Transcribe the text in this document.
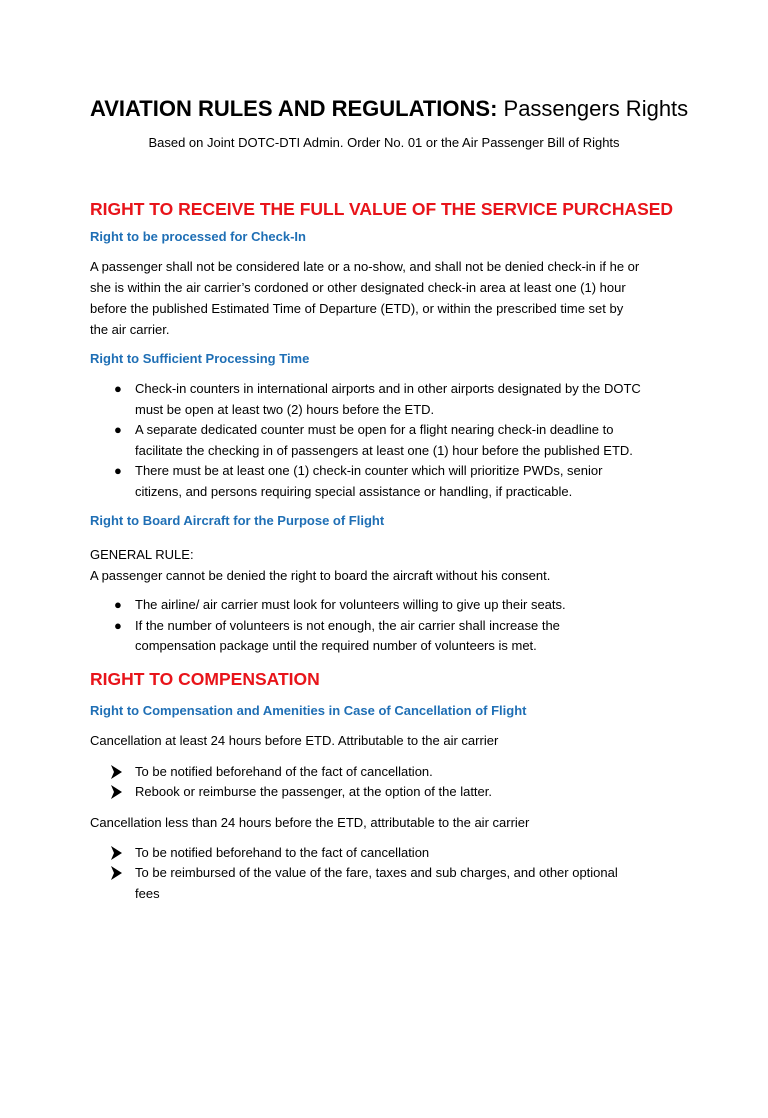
AVIATION RULES AND REGULATIONS: Passengers Rights

Based on Joint DOTC-DTI Admin. Order No. 01 or the Air Passenger Bill of Rights

RIGHT TO RECEIVE THE FULL VALUE OF THE SERVICE PURCHASED
Right to be processed for Check-In

A passenger shall not be considered late or a no-show, and shall not be denied check-in if he or
she is within the air carrier’s cordoned or other designated check-in area at least one (1) hour
before the published Estimated Time of Departure (ETD), or within the prescribed time set by
the air carrier.

Right to Sufficient Processing Time
● Check-in counters in international airports and in other airports designated by the DOTC
must be open at least two (2) hours before the ETD.
● A separate dedicated counter must be open for a flight nearing check-in deadline to
facilitate the checking in of passengers at least one (1) hour before the published ETD.
● There must be at least one (1) check-in counter which will prioritize PWDs, senior
citizens, and persons requiring special assistance or handling, if practicable.
Right to Board Aircraft for the Purpose of Flight

GENERAL RULE:
A passenger cannot be denied the right to board the aircraft without his consent.

● The airline/ air carrier must look for volunteers willing to give up their seats.
● If the number of volunteers is not enough, the air carrier shall increase the
compensation package until the required number of volunteers is met.
RIGHT TO COMPENSATION
Right to Compensation and Amenities in Case of Cancellation of Flight

Cancellation at least 24 hours before ETD. Attributable to the air carrier

To be notified beforehand of the fact of cancellation.
Rebook or reimburse the passenger, at the option of the latter.

Cancellation less than 24 hours before the ETD, attributable to the air carrier

To be notified beforehand to the fact of cancellation
To be reimbursed of the value of the fare, taxes and sub charges, and other optional
fees
